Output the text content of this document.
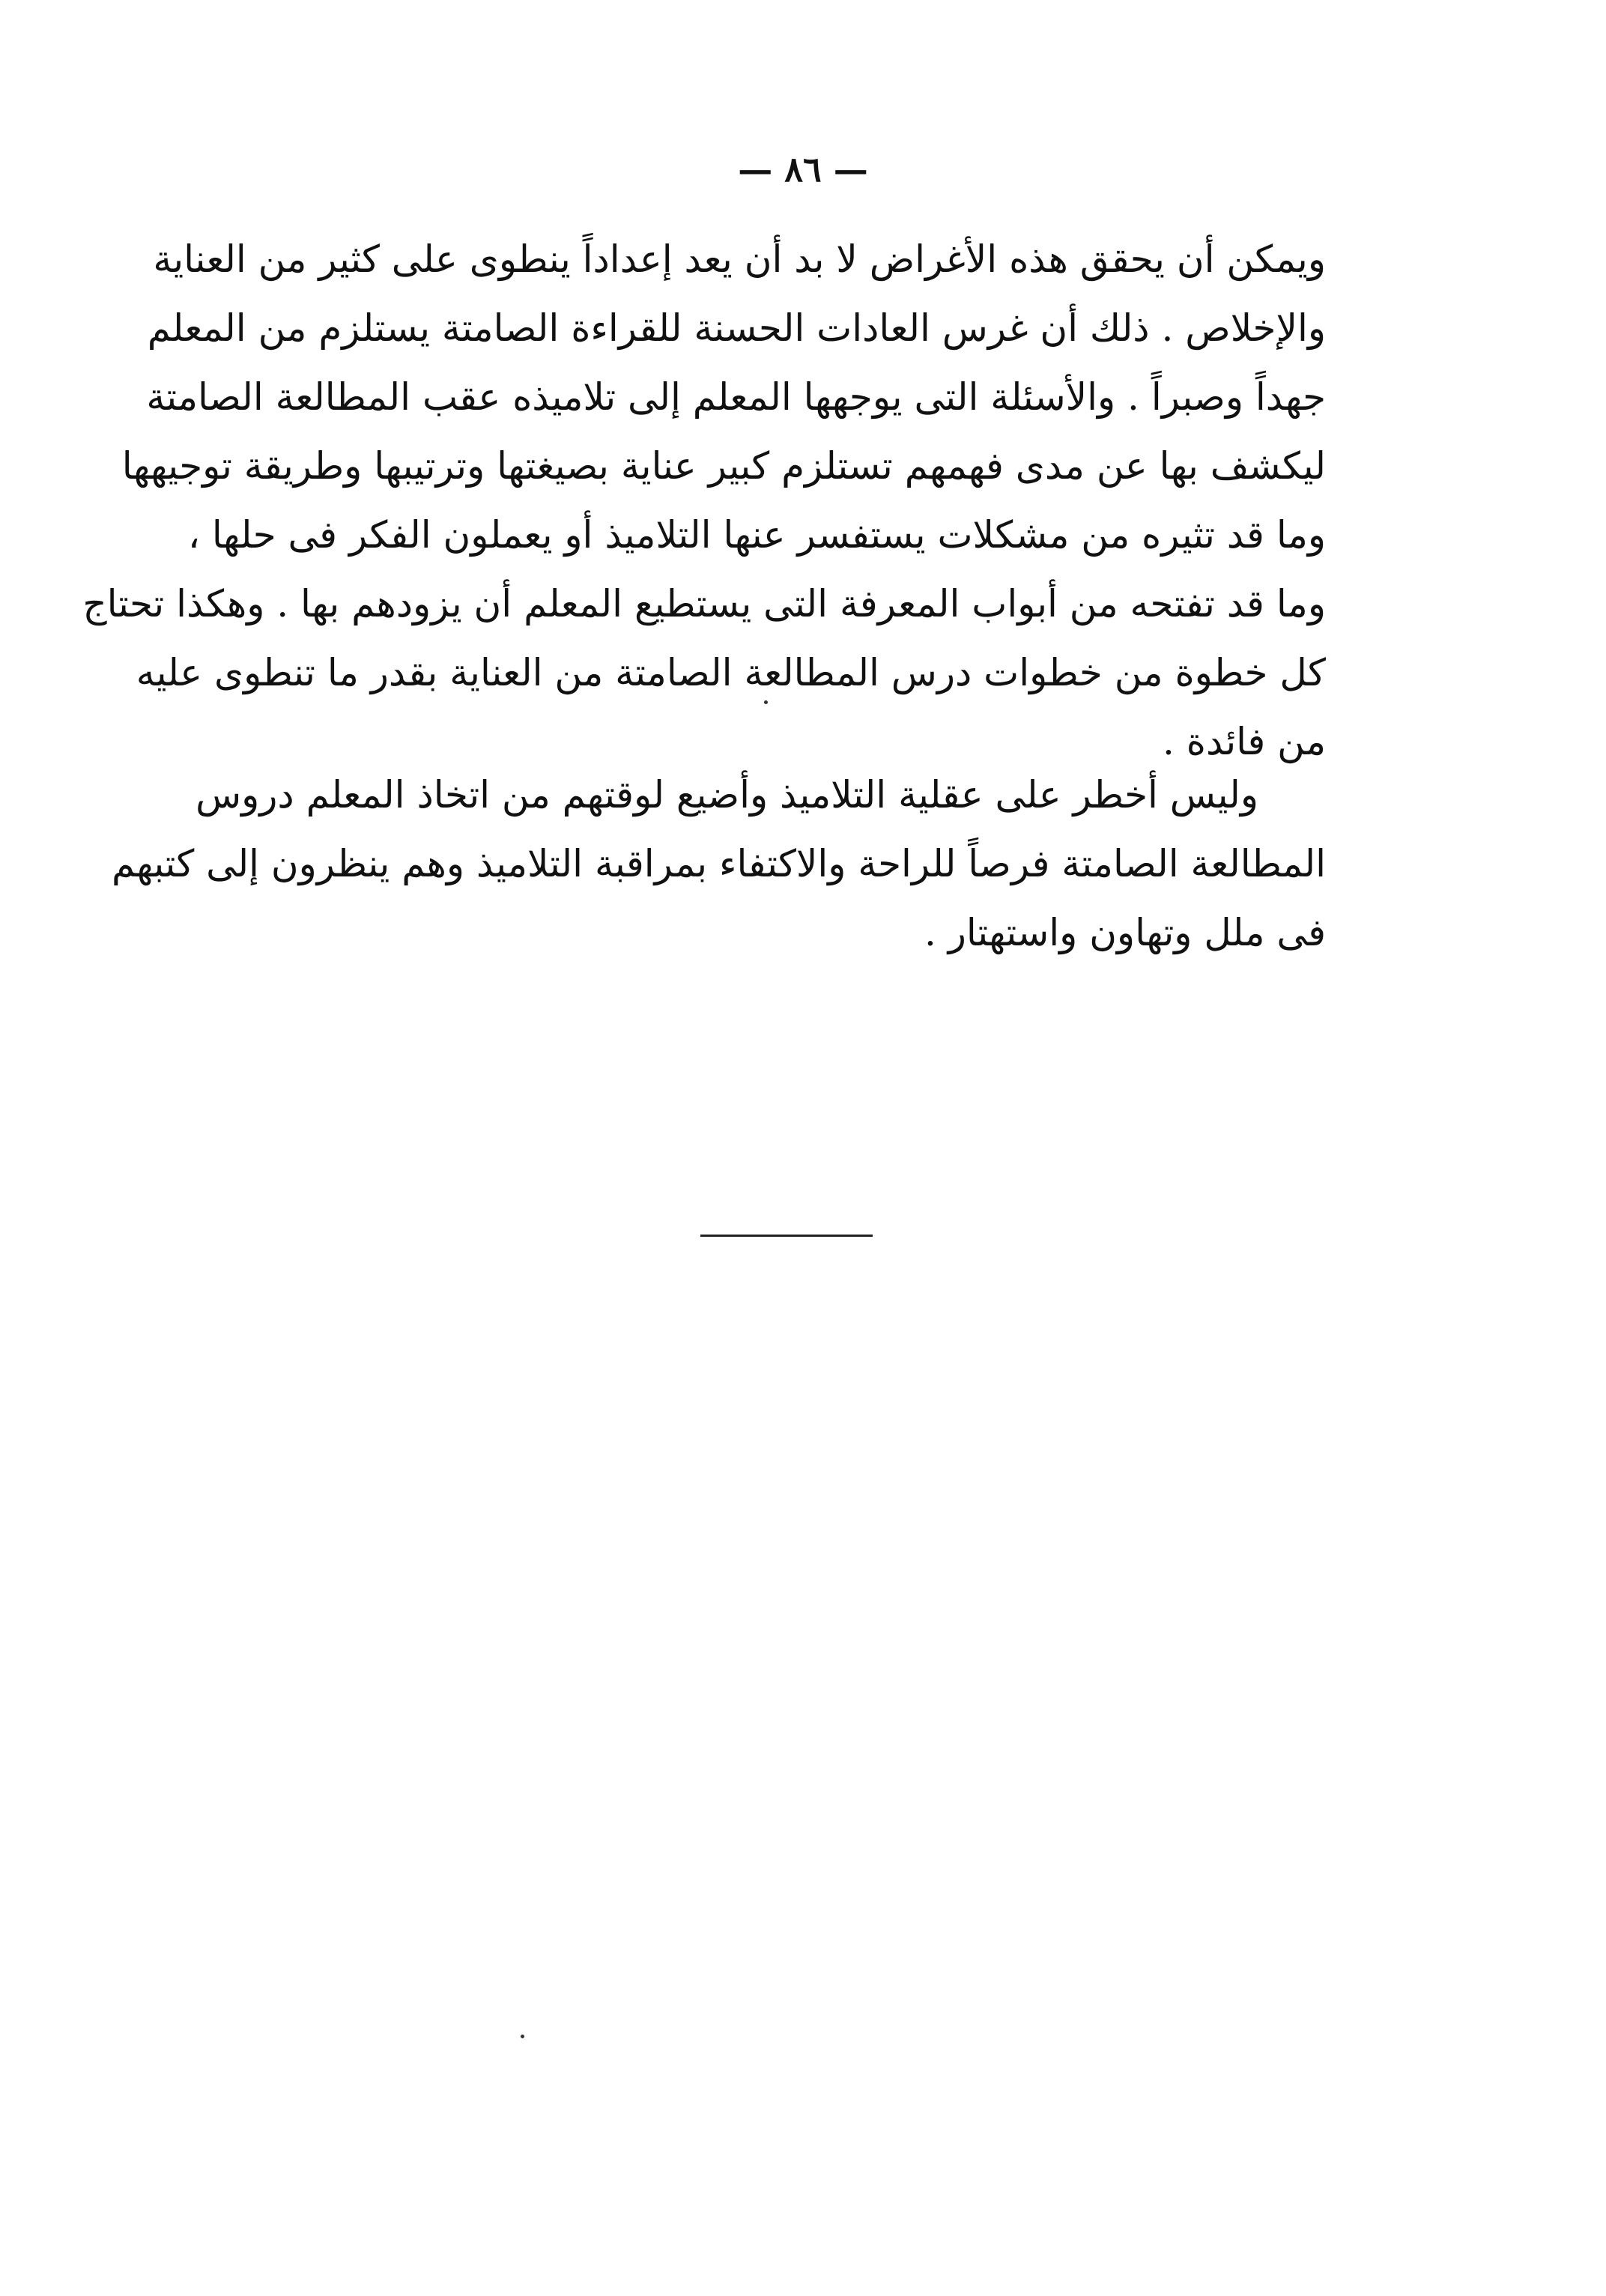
— ٨٦ —
ويمكن أن يحقق هذه الأغراض لا بد أن يعد إعداداً ينطوى على كثير من العناية
والإخلاص . ذلك أن غرس العادات الحسنة للقراءة الصامتة يستلزم من المعلم
جهداً وصبراً . والأسئلة التى يوجهها المعلم إلى تلاميذه عقب المطالعة الصامتة
ليكشف بها عن مدى فهمهم تستلزم كبير عناية بصيغتها وترتيبها وطريقة توجيهها
وما قد تثيره من مشكلات يستفسر عنها التلاميذ أو يعملون الفكر فى حلها ،
وما قد تفتحه من أبواب المعرفة التى يستطيع المعلم أن يزودهم بها . وهكذا تحتاج
كل خطوة من خطوات درس المطالعة الصامتة من العناية بقدر ما تنطوى عليه
من فائدة .
وليس أخطر على عقلية التلاميذ وأضيع لوقتهم من اتخاذ المعلم دروس
المطالعة الصامتة فرصاً للراحة والاكتفاء بمراقبة التلاميذ وهم ينظرون إلى كتبهم
فى ملل وتهاون واستهتار .
